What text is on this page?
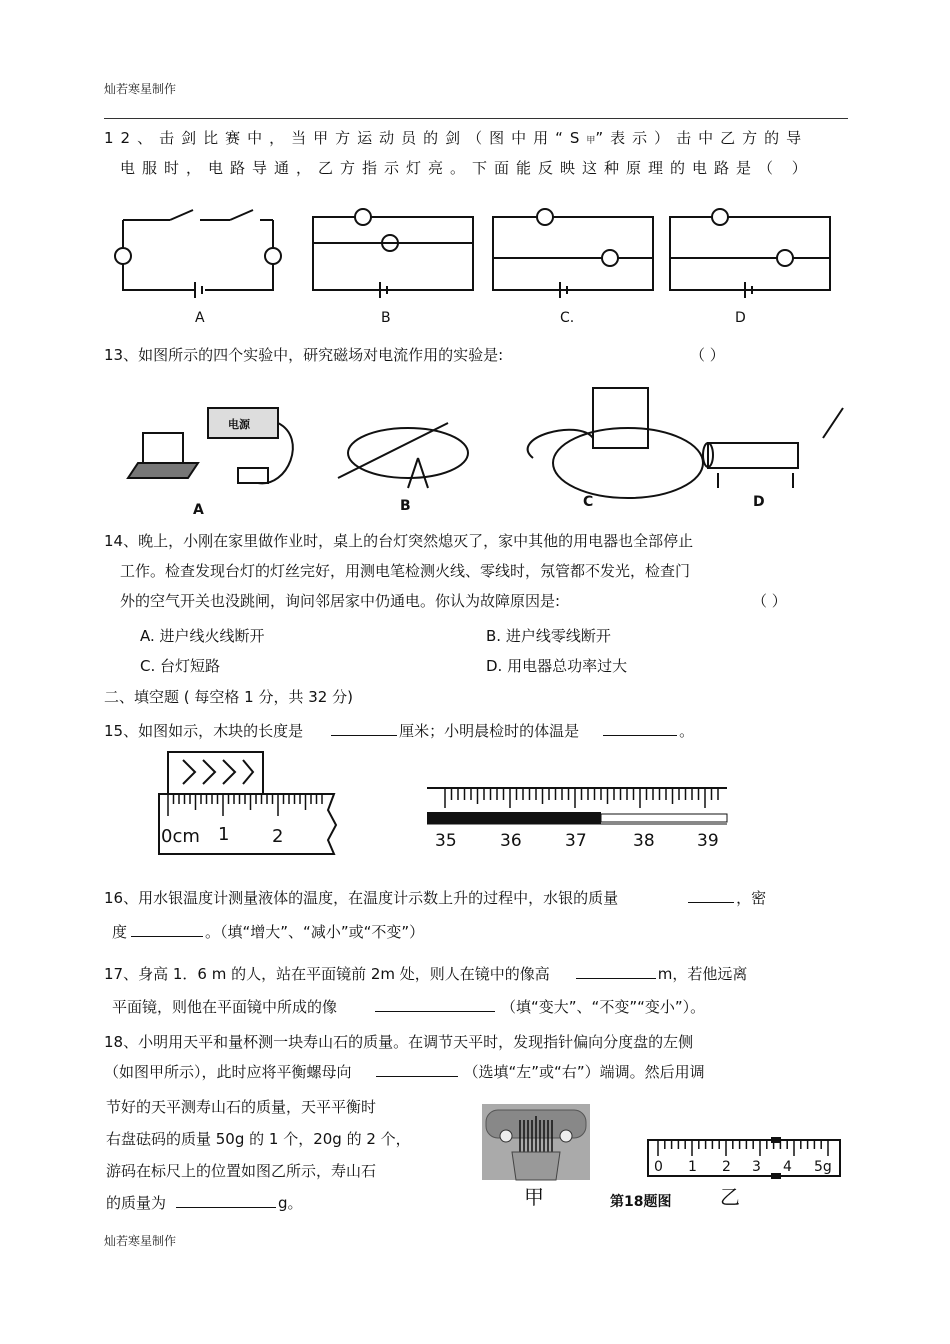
灿若寒星制作
12、击剑比赛中，当甲方运动员的剑（图中用“S甲”表示）击中乙方的导
电服时，电路导通，乙方指示灯亮。下面能反映这种原理的电路是（ ）
A	B	C.	D
13、如图所示的四个实验中，研究磁场对电流作用的实验是:	（ ）
电源
A	B	C	D
14、晚上，小刚在家里做作业时，桌上的台灯突然熄灭了，家中其他的用电器也全部停止
工作。检查发现台灯的灯丝完好，用测电笔检测火线、零线时，氖管都不发光，检查门
外的空气开关也没跳闸，询问邻居家中仍通电。你认为故障原因是:	（ ）
A. 进户线火线断开	B. 进户线零线断开
C. 台灯短路	D. 用电器总功率过大
二、填空题 ( 每空格 1 分，共 32 分)
15、如图如示，木块的长度是	厘米；小明晨检时的体温是	。
0cm 1 2	35	36	37	38 39
16、用水银温度计测量液体的温度，在温度计示数上升的过程中，水银的质量	，密
度	。（填“增大”、“减小”或“不变”）
17、身高 1．6 m 的人，站在平面镜前 2m 处，则人在镜中的像高	m，若他远离
平面镜，则他在平面镜中所成的像	（填“变大”、“不变”“变小”）。
18、小明用天平和量杯测一块寿山石的质量。在调节天平时，发现指针偏向分度盘的左侧
（如图甲所示），此时应将平衡螺母向	（选填“左”或“右”）端调。然后用调
节好的天平测寿山石的质量，天平平衡时
右盘砝码的质量 50g 的 1 个，20g 的 2 个，
游码在标尺上的位置如图乙所示，寿山石
的质量为	g。	甲	第18题图
0 1 2 3 4 5g
乙
灿若寒星制作
